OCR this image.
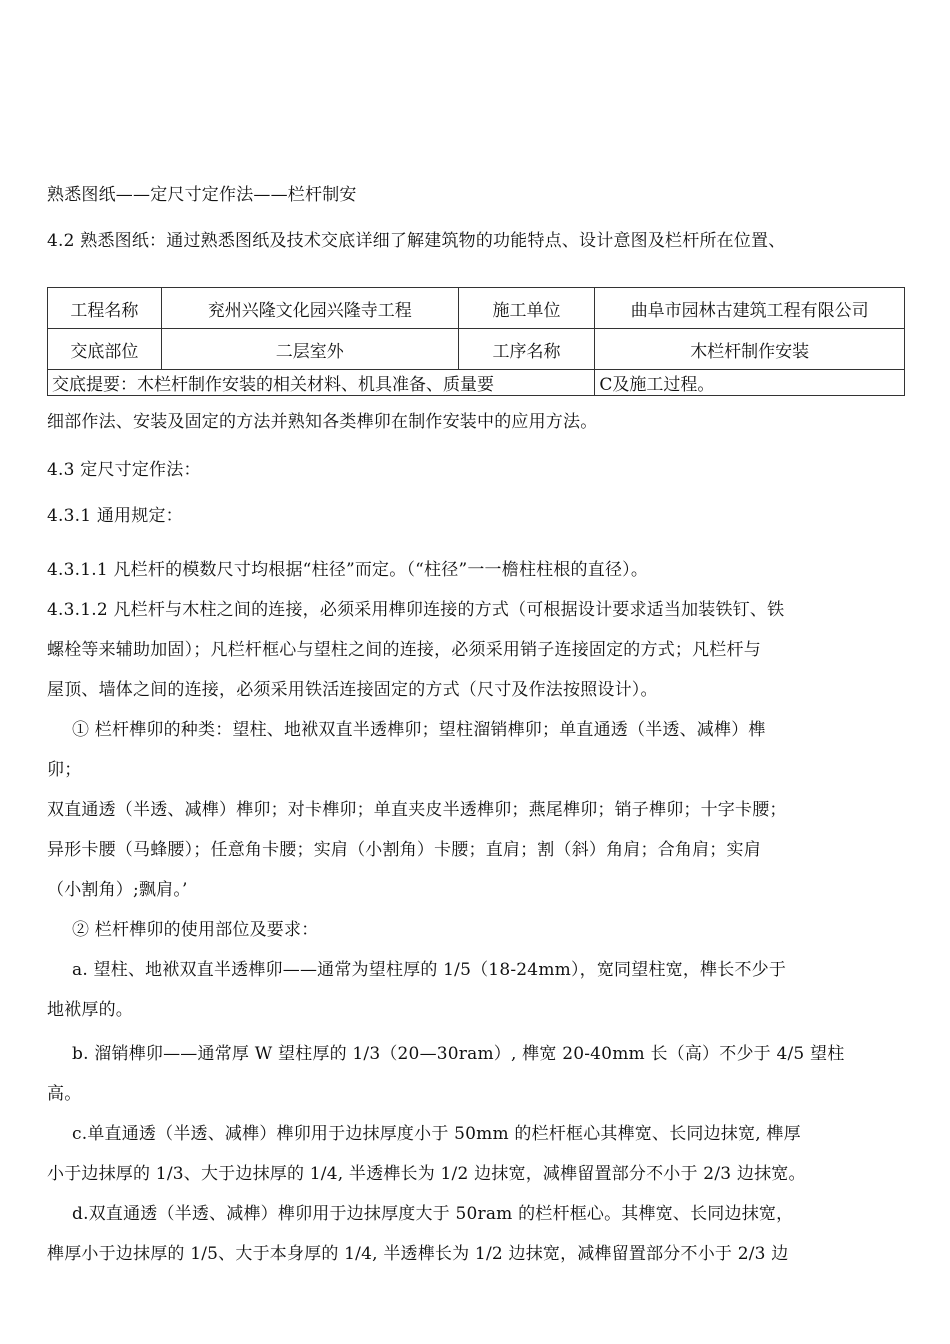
熟悉图纸——定尺寸定作法——栏杆制安
4.2 熟悉图纸：通过熟悉图纸及技术交底详细了解建筑物的功能特点、设计意图及栏杆所在位置、
工程名称	兖州兴隆文化园兴隆寺工程	施工单位	曲阜市园林古建筑工程有限公司

交底部位	二层室外	工序名称	木栏杆制作安装
交底提要：木栏杆制作安装的相关材料、机具准备、质量要			C及施工过程。
细部作法、安装及固定的方法并熟知各类榫卯在制作安装中的应用方法。
4.3 定尺寸定作法：
4.3.1 通用规定：
4.3.1.1 凡栏杆的模数尺寸均根据“柱径”而定。（“柱径”一一檐柱柱根的直径）。
4.3.1.2 凡栏杆与木柱之间的连接，必须采用榫卯连接的方式（可根据设计要求适当加装铁钉、铁
螺栓等来辅助加固）；凡栏杆框心与望柱之间的连接，必须采用销子连接固定的方式；凡栏杆与
屋顶、墙体之间的连接，必须采用铁活连接固定的方式（尺寸及作法按照设计）。
① 栏杆榫卯的种类：望柱、地袱双直半透榫卯；望柱溜销榫卯；单直通透（半透、减榫）榫
卯；
双直通透（半透、减榫）榫卯；对卡榫卯；单直夹皮半透榫卯；燕尾榫卯；销子榫卯；十字卡腰；
异形卡腰（马蜂腰）；任意角卡腰；实肩（小割角）卡腰；直肩；割（斜）角肩；合角肩；实肩
（小割角）;飘肩。’
② 栏杆榫卯的使用部位及要求：
a. 望柱、地袱双直半透榫卯——通常为望柱厚的 1/5（18-24mm），宽同望柱宽，榫长不少于
地袱厚的。
b. 溜销榫卯——通常厚 W 望柱厚的 1/3（20—30ram）, 榫宽 20-40mm 长（高）不少于 4/5 望柱
高。
c.单直通透（半透、减榫）榫卯用于边抹厚度小于 50mm 的栏杆框心其榫宽、长同边抹宽, 榫厚
小于边抹厚的 1/3、大于边抹厚的 1/4, 半透榫长为 1/2 边抹宽，减榫留置部分不小于 2/3 边抹宽。
d.双直通透（半透、减榫）榫卯用于边抹厚度大于 50ram 的栏杆框心。其榫宽、长同边抹宽，
榫厚小于边抹厚的 1/5、大于本身厚的 1/4, 半透榫长为 1/2 边抹宽，减榫留置部分不小于 2/3 边
